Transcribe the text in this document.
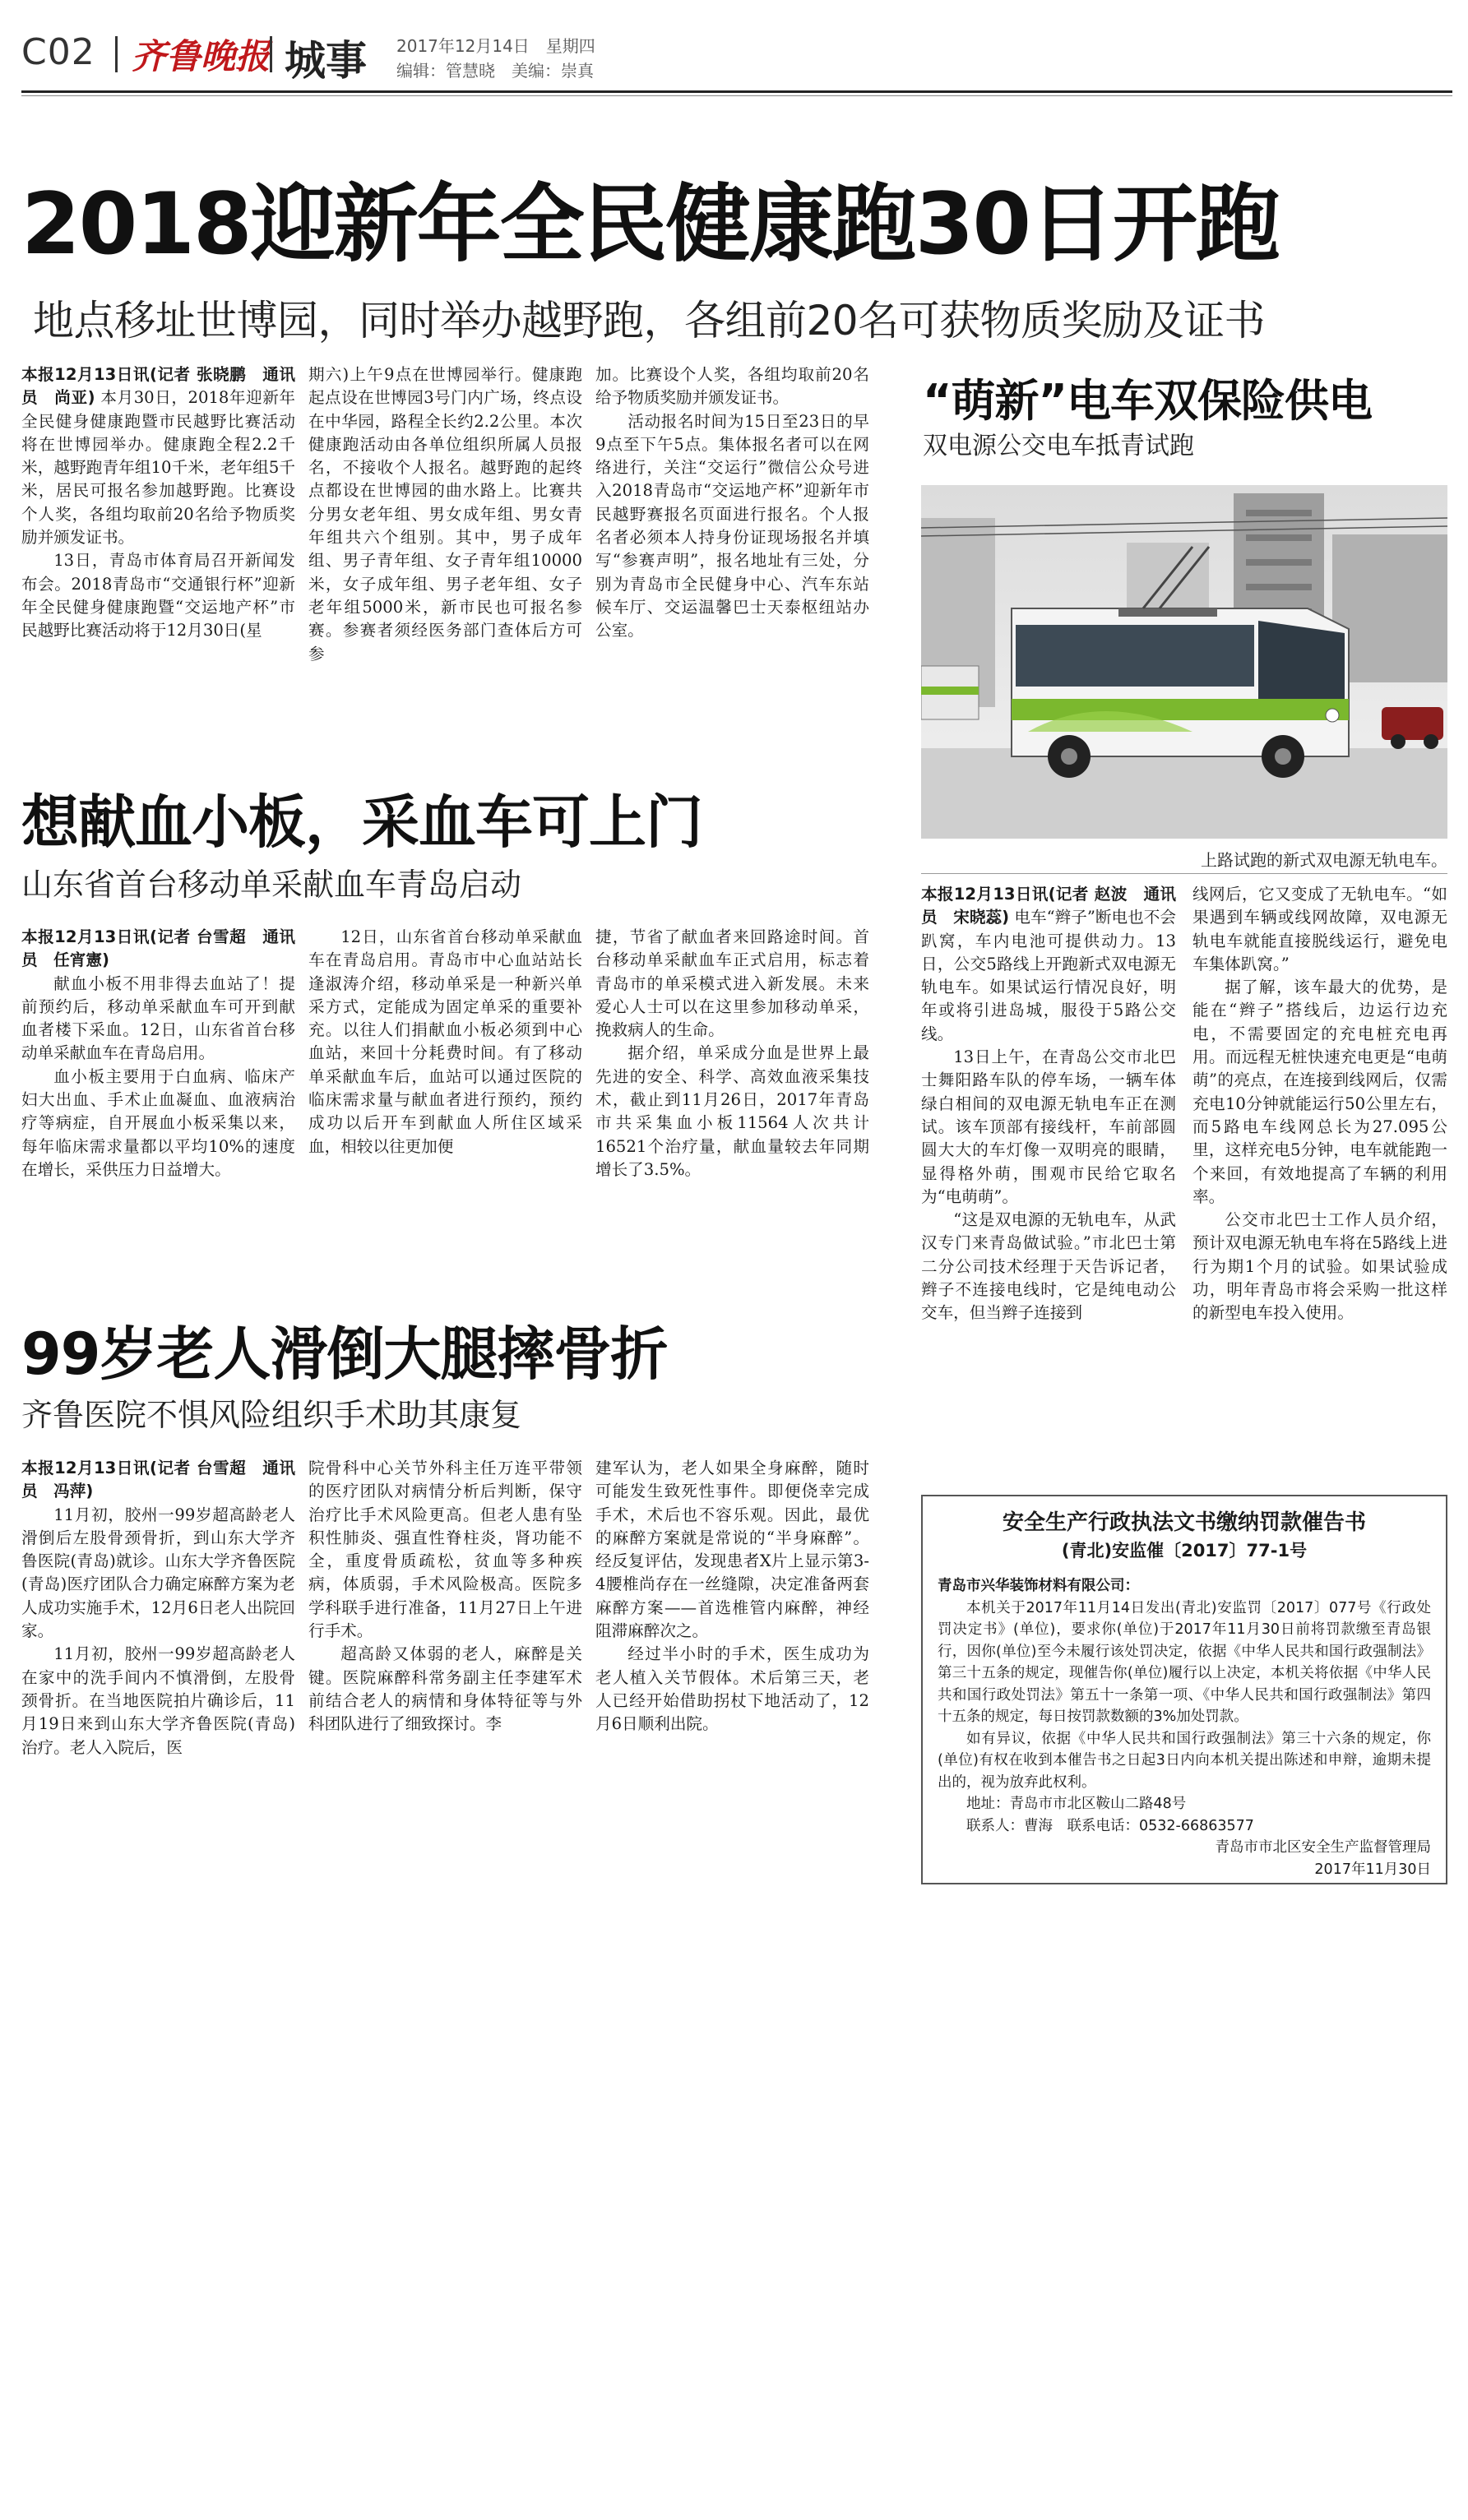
C02 齐鲁晚报 城事 2017年12月14日　星期四
编辑：管慧晓　美编：崇真
2018迎新年全民健康跑30日开跑
地点移址世博园，同时举办越野跑，各组前20名可获物质奖励及证书

本报12月13日讯(记者 张晓鹏　通讯员　尚亚) 本月30日，2018年迎新年全民健身健康跑暨市民越野比赛活动将在世博园举办。健康跑全程2.2千米，越野跑青年组10千米，老年组5千米，居民可报名参加越野跑。比赛设个人奖，各组均取前20名给予物质奖励并颁发证书。

13日，青岛市体育局召开新闻发布会。2018青岛市“交通银行杯”迎新年全民健身健康跑暨“交运地产杯”市民越野比赛活动将于12月30日(星

期六)上午9点在世博园举行。健康跑起点设在世博园3号门内广场，终点设在中华园，路程全长约2.2公里。本次健康跑活动由各单位组织所属人员报名，不接收个人报名。越野跑的起终点都设在世博园的曲水路上。比赛共分男女老年组、男女成年组、男女青年组共六个组别。其中，男子成年组、男子青年组、女子青年组10000米，女子成年组、男子老年组、女子老年组5000米，新市民也可报名参赛。参赛者须经医务部门查体后方可参

加。比赛设个人奖，各组均取前20名给予物质奖励并颁发证书。

活动报名时间为15日至23日的早9点至下午5点。集体报名者可以在网络进行，关注“交运行”微信公众号进入2018青岛市“交运地产杯”迎新年市民越野赛报名页面进行报名。个人报名者必须本人持身份证现场报名并填写“参赛声明”，报名地址有三处，分别为青岛市全民健身中心、汽车东站候车厅、交运温馨巴士天泰枢纽站办公室。

想献血小板，采血车可上门
山东省首台移动单采献血车青岛启动

本报12月13日讯(记者 台雪超　通讯员　任宵憲)

献血小板不用非得去血站了！提前预约后，移动单采献血车可开到献血者楼下采血。12日，山东省首台移动单采献血车在青岛启用。

血小板主要用于白血病、临床产妇大出血、手术止血凝血、血液病治疗等病症，自开展血小板采集以来，每年临床需求量都以平均10%的速度在增长，采供压力日益增大。

12日，山东省首台移动单采献血车在青岛启用。青岛市中心血站站长逢淑涛介绍，移动单采是一种新兴单采方式，定能成为固定单采的重要补充。以往人们捐献血小板必须到中心血站，来回十分耗费时间。有了移动单采献血车后，血站可以通过医院的临床需求量与献血者进行预约，预约成功以后开车到献血人所住区域采血，相较以往更加便

捷，节省了献血者来回路途时间。首台移动单采献血车正式启用，标志着青岛市的单采模式进入新发展。未来爱心人士可以在这里参加移动单采，挽救病人的生命。

据介绍，单采成分血是世界上最先进的安全、科学、高效血液采集技术，截止到11月26日，2017年青岛市共采集血小板11564人次共计16521个治疗量，献血量较去年同期增长了3.5%。

99岁老人滑倒大腿摔骨折
齐鲁医院不惧风险组织手术助其康复

本报12月13日讯(记者 台雪超　通讯员　冯萍)

11月初，胶州一99岁超高龄老人滑倒后左股骨颈骨折，到山东大学齐鲁医院(青岛)就诊。山东大学齐鲁医院(青岛)医疗团队合力确定麻醉方案为老人成功实施手术，12月6日老人出院回家。

11月初，胶州一99岁超高龄老人在家中的洗手间内不慎滑倒，左股骨颈骨折。在当地医院拍片确诊后，11月19日来到山东大学齐鲁医院(青岛)治疗。老人入院后，医

院骨科中心关节外科主任万连平带领的医疗团队对病情分析后判断，保守治疗比手术风险更高。但老人患有坠积性肺炎、强直性脊柱炎，肾功能不全，重度骨质疏松，贫血等多种疾病，体质弱，手术风险极高。医院多学科联手进行准备，11月27日上午进行手术。

超高龄又体弱的老人，麻醉是关键。医院麻醉科常务副主任李建军术前结合老人的病情和身体特征等与外科团队进行了细致探讨。李

建军认为，老人如果全身麻醉，随时可能发生致死性事件。即便侥幸完成手术，术后也不容乐观。因此，最优的麻醉方案就是常说的“半身麻醉”。经反复评估，发现患者X片上显示第3-4腰椎尚存在一丝缝隙，决定准备两套麻醉方案——首选椎管内麻醉，神经阻滞麻醉次之。

经过半小时的手术，医生成功为老人植入关节假体。术后第三天，老人已经开始借助拐杖下地活动了，12月6日顺利出院。

“萌新”电车双保险供电
双电源公交电车抵青试跑
上路试跑的新式双电源无轨电车。

本报12月13日讯(记者 赵波　通讯员　宋晓蕊) 电车“辫子”断电也不会趴窝，车内电池可提供动力。13日，公交5路线上开跑新式双电源无轨电车。如果试运行情况良好，明年或将引进岛城，服役于5路公交线。

13日上午，在青岛公交市北巴士舞阳路车队的停车场，一辆车体绿白相间的双电源无轨电车正在测试。该车顶部有接线杆，车前部圆圆大大的车灯像一双明亮的眼睛，显得格外萌，围观市民给它取名为“电萌萌”。

“这是双电源的无轨电车，从武汉专门来青岛做试验。”市北巴士第二分公司技术经理于天告诉记者，辫子不连接电线时，它是纯电动公交车，但当辫子连接到

线网后，它又变成了无轨电车。“如果遇到车辆或线网故障，双电源无轨电车就能直接脱线运行，避免电车集体趴窝。”

据了解，该车最大的优势，是能在“辫子”搭线后，边运行边充电，不需要固定的充电桩充电再用。而远程无桩快速充电更是“电萌萌”的亮点，在连接到线网后，仅需充电10分钟就能运行50公里左右，而5路电车线网总长为27.095公里，这样充电5分钟，电车就能跑一个来回，有效地提高了车辆的利用率。

公交市北巴士工作人员介绍，预计双电源无轨电车将在5路线上进行为期1个月的试验。如果试验成功，明年青岛市将会采购一批这样的新型电车投入使用。

安全生产行政执法文书缴纳罚款催告书
(青北)安监催〔2017〕77-1号

青岛市兴华装饰材料有限公司：

本机关于2017年11月14日发出(青北)安监罚〔2017〕077号《行政处罚决定书》(单位)，要求你(单位)于2017年11月30日前将罚款缴至青岛银行，因你(单位)至今未履行该处罚决定，依据《中华人民共和国行政强制法》第三十五条的规定，现催告你(单位)履行以上决定，本机关将依据《中华人民共和国行政处罚法》第五十一条第一项、《中华人民共和国行政强制法》第四十五条的规定，每日按罚款数额的3%加处罚款。

如有异议，依据《中华人民共和国行政强制法》第三十六条的规定，你(单位)有权在收到本催告书之日起3日内向本机关提出陈述和申辩，逾期未提出的，视为放弃此权利。

地址：青岛市市北区鞍山二路48号

联系人：曹海　联系电话：0532-66863577

青岛市市北区安全生产监督管理局
2017年11月30日
